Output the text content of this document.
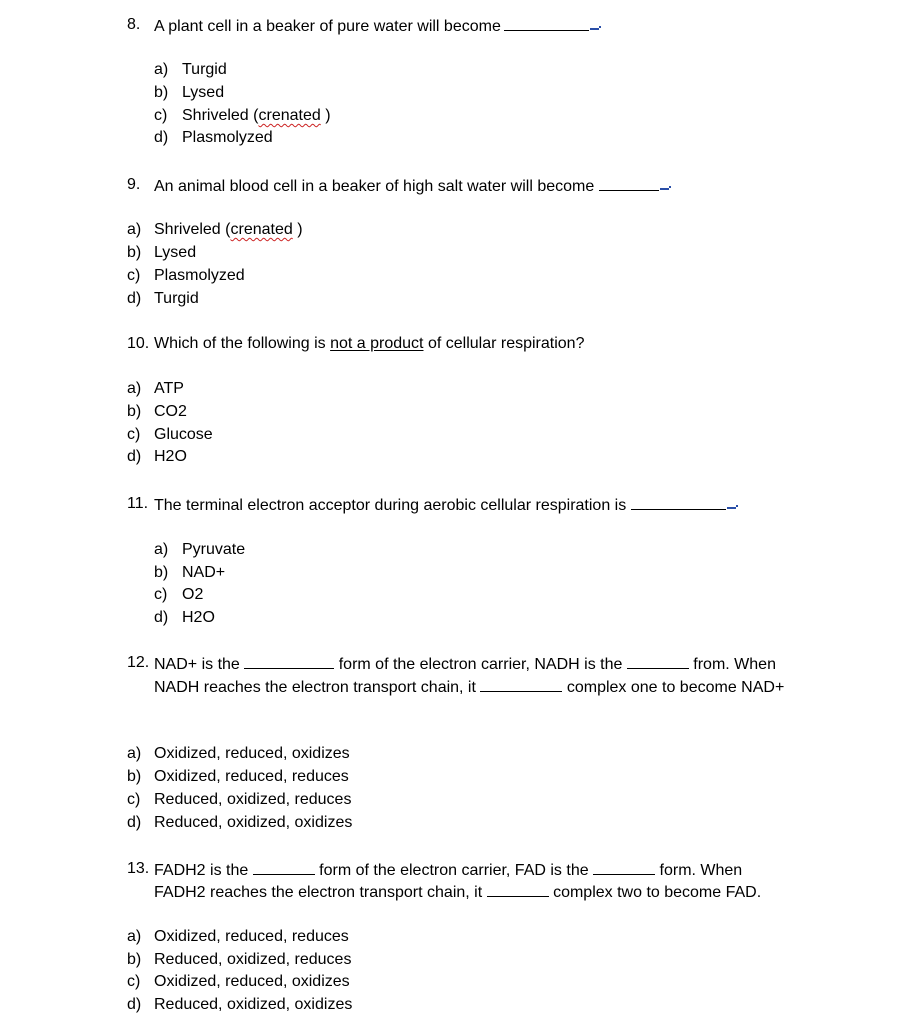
8. A plant cell in a beaker of pure water will become
a) Turgid
b) Lysed
c) Shriveled (crenated )
d) Plasmolyzed
9. An animal blood cell in a beaker of high salt water will become
a) Shriveled (crenated )
b) Lysed
c) Plasmolyzed
d) Turgid
10. Which of the following is not a product of cellular respiration?
a) ATP
b) CO2
c) Glucose
d) H2O
11. The terminal electron acceptor during aerobic cellular respiration is
a) Pyruvate
b) NAD+
c) O2
d) H2O
12. NAD+ is the	form of the electron carrier, NADH is the	from. When
NADH reaches the electron transport chain, it	complex one to become NAD+
a) Oxidized, reduced, oxidizes
b) Oxidized, reduced, reduces
c) Reduced, oxidized, reduces
d) Reduced, oxidized, oxidizes
13. FADH2 is the	form of the electron carrier, FAD is the	form. When
FADH2 reaches the electron transport chain, it	complex two to become FAD.
a) Oxidized, reduced, reduces
b) Reduced, oxidized, reduces
c) Oxidized, reduced, oxidizes
d) Reduced, oxidized, oxidizes
